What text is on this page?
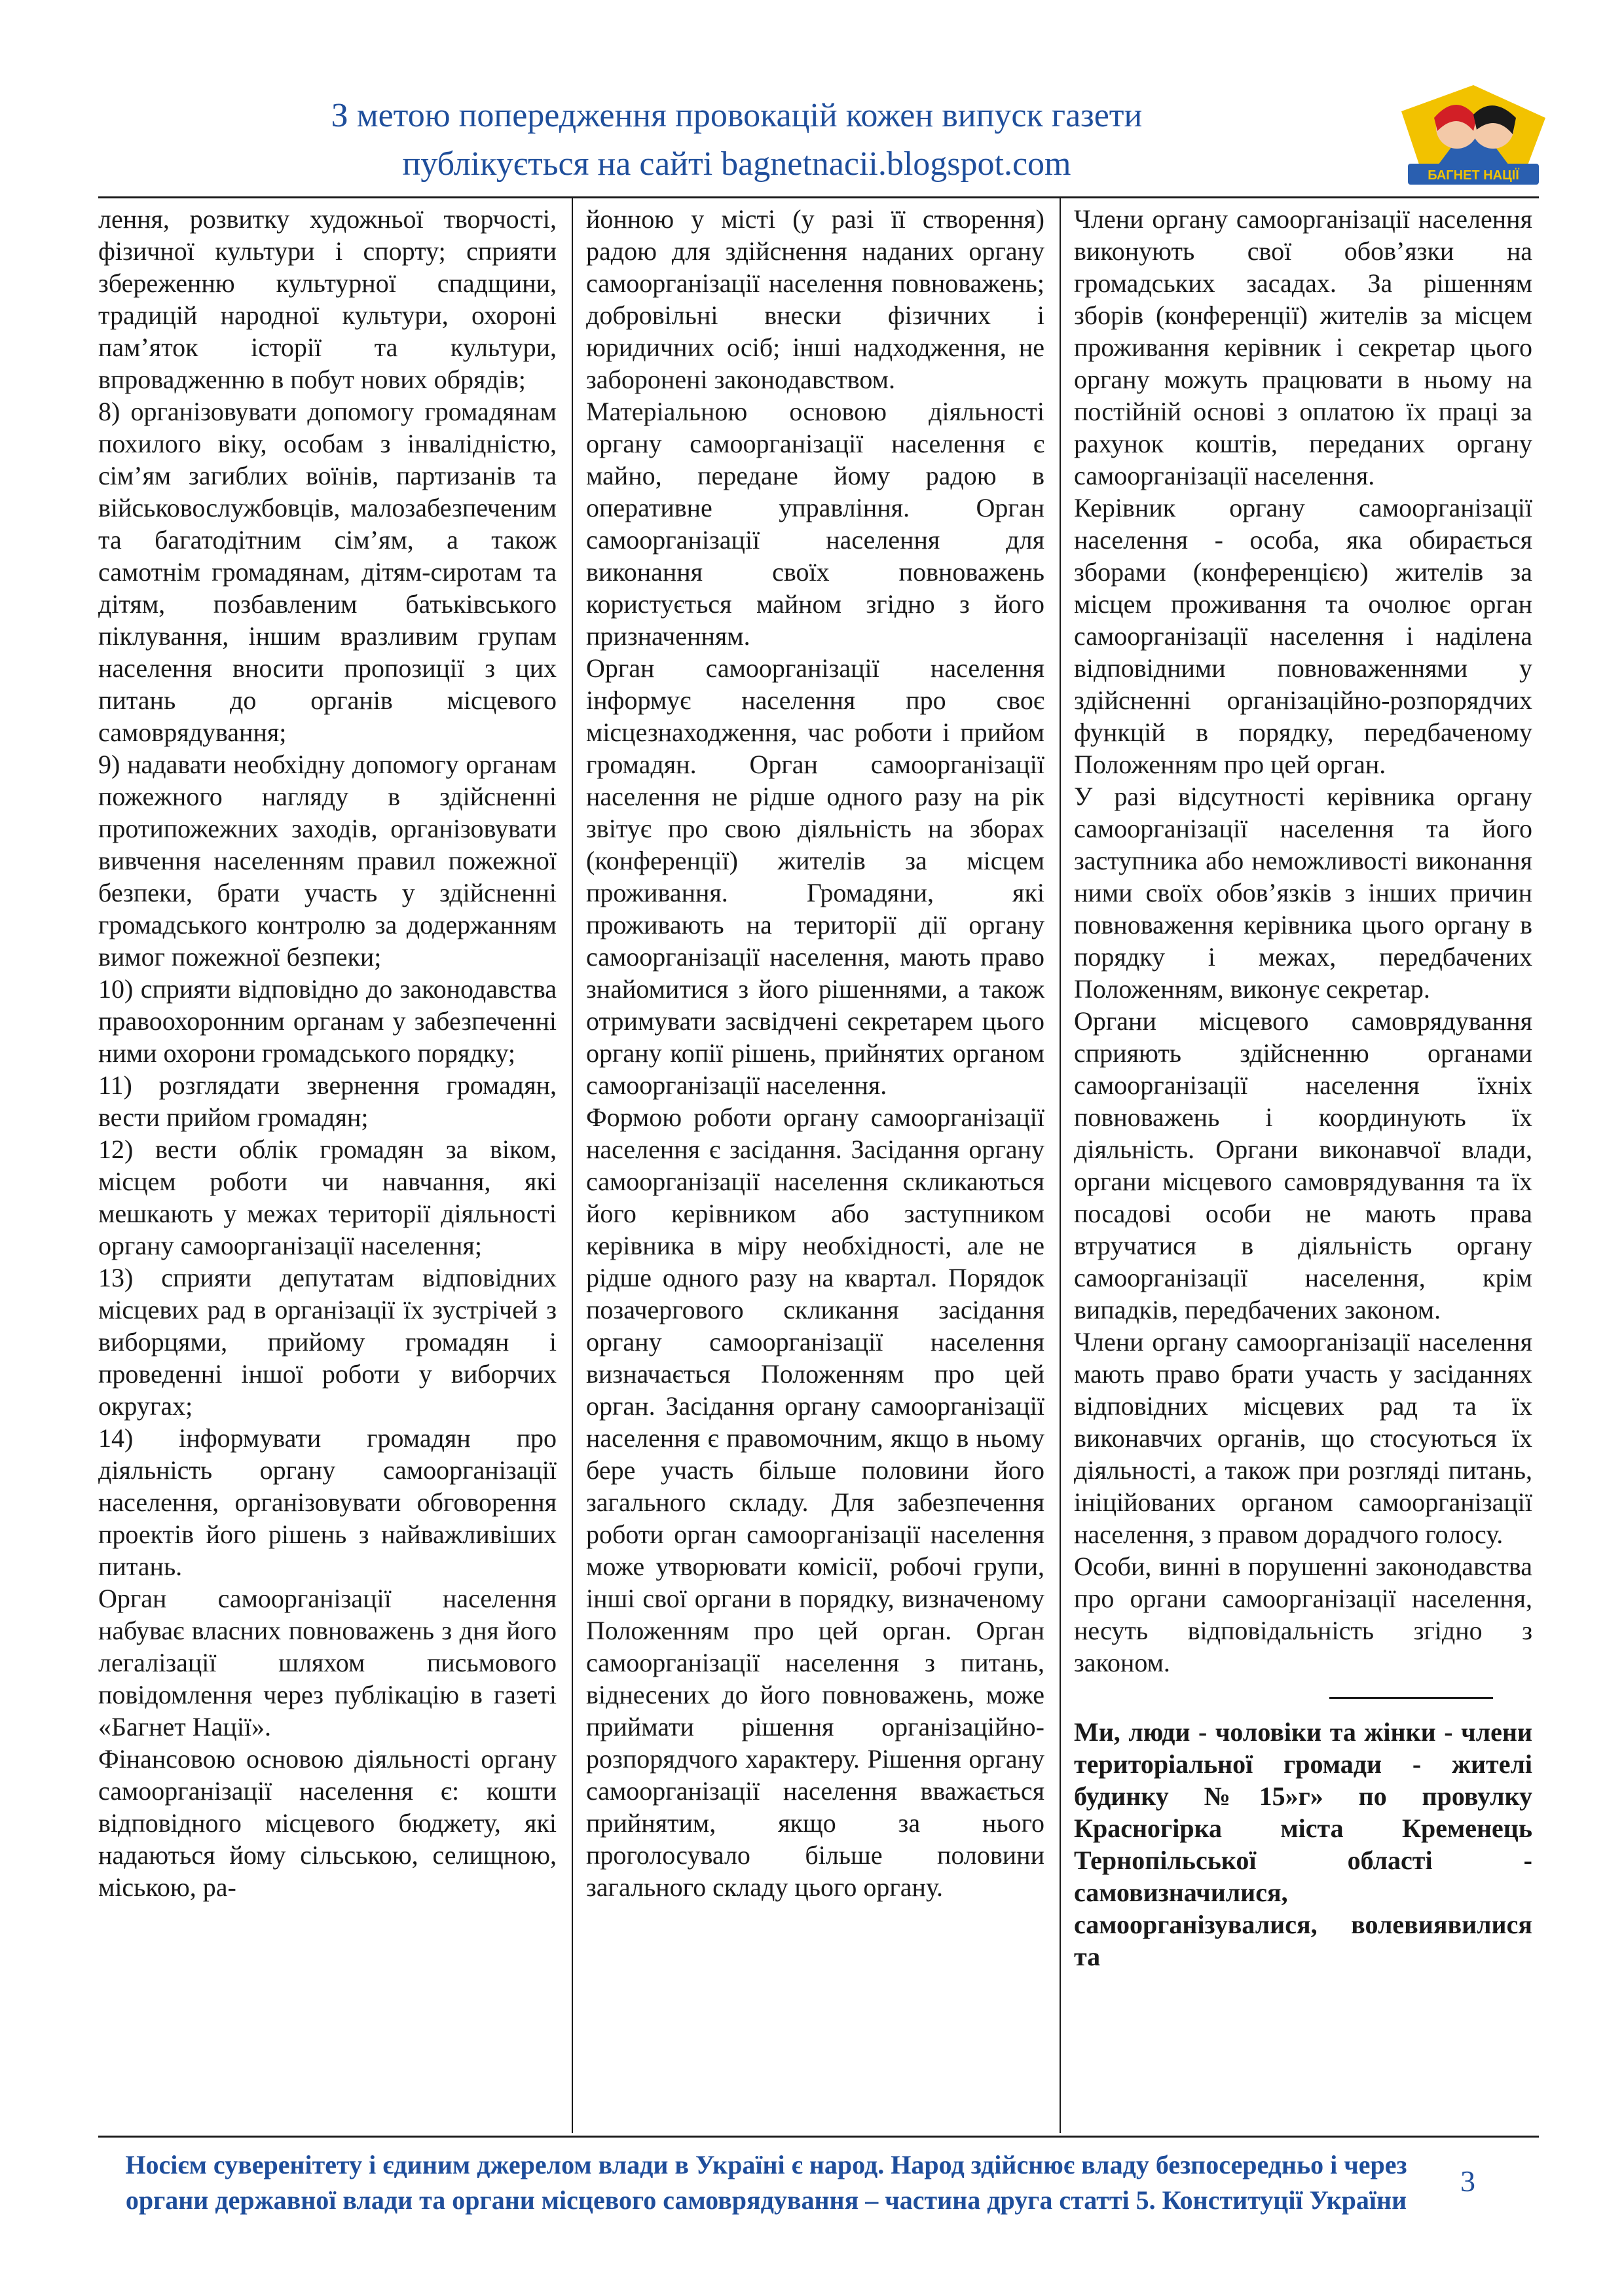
З метою попередження провокацій кожен випуск газети
публікується на сайті bagnetnacii.blogspot.com	БАГНЕТ НАЦІЇ

лення, розвитку художньої творчості, фізичної культури і спорту; сприяти збереженню культурної спадщини, традицій народної культури, охороні пам’яток історії та культури, впровадженню в побут нових обрядів;

8) організовувати допомогу громадянам похилого віку, особам з інвалідністю, сім’ям загиблих воїнів, партизанів та військовослужбовців, малозабезпеченим та багатодітним сім’ям, а також самотнім громадянам, дітям-сиротам та дітям, позбавленим батьківського піклування, іншим вразливим групам населення вносити пропозиції з цих питань до органів місцевого самоврядування;

9) надавати необхідну допомогу органам пожежного нагляду в здійсненні протипожежних заходів, організовувати вивчення населенням правил пожежної безпеки, брати участь у здійсненні громадського контролю за додержанням вимог пожежної безпеки;

10) сприяти відповідно до законодавства правоохоронним органам у забезпеченні ними охорони громадського порядку;

11) розглядати звернення громадян, вести прийом громадян;

12) вести облік громадян за віком, місцем роботи чи навчання, які мешкають у межах території діяльності органу самоорганізації населення;

13) сприяти депутатам відповідних місцевих рад в організації їх зустрічей з виборцями, прийому громадян і проведенні іншої роботи у виборчих округах;

14) інформувати громадян про діяльність органу самоорганізації населення, організовувати обговорення проектів його рішень з найважливіших питань.

Орган самоорганізації населення набуває власних повноважень з дня його легалізації шляхом письмового повідомлення через публікацію в газеті «Багнет Нації».

Фінансовою основою діяльності органу самоорганізації населення є: кошти відповідного місцевого бюджету, які надаються йому сільською, селищною, міською, ра-

йонною у місті (у разі її створення) радою для здійснення наданих органу самоорганізації населення повноважень; добровільні внески фізичних і юридичних осіб; інші надходження, не заборонені законодавством.

Матеріальною основою діяльності органу самоорганізації населення є майно, передане йому радою в оперативне управління. Орган самоорганізації населення для виконання своїх повноважень користується майном згідно з його призначенням.

Орган самоорганізації населення інформує населення про своє місцезнаходження, час роботи і прийом громадян. Орган самоорганізації населення не рідше одного разу на рік звітує про свою діяльність на зборах (конференції) жителів за місцем проживання. Громадяни, які проживають на території дії органу самоорганізації населення, мають право знайомитися з його рішеннями, а також отримувати засвідчені секретарем цього органу копії рішень, прийнятих органом самоорганізації населення.

Формою роботи органу самоорганізації населення є засідання. Засідання органу самоорганізації населення скликаються його керівником або заступником керівника в міру необхідності, але не рідше одного разу на квартал. Порядок позачергового скликання засідання органу самоорганізації населення визначається Положенням про цей орган. Засідання органу самоорганізації населення є правомочним, якщо в ньому бере участь більше половини його загального складу. Для забезпечення роботи орган самоорганізації населення може утворювати комісії, робочі групи, інші свої органи в порядку, визначеному Положенням про цей орган. Орган самоорганізації населення з питань, віднесених до його повноважень, може приймати рішення організаційно-розпорядчого характеру. Рішення органу самоорганізації населення вважається прийнятим, якщо за нього проголосувало більше половини загального складу цього органу.

Члени органу самоорганізації населення виконують свої обов’язки на громадських засадах. За рішенням зборів (конференції) жителів за місцем проживання керівник і секретар цього органу можуть працювати в ньому на постійній основі з оплатою їх праці за рахунок коштів, переданих органу самоорганізації населення.

Керівник органу самоорганізації населення - особа, яка обирається зборами (конференцією) жителів за місцем проживання та очолює орган самоорганізації населення і наділена відповідними повноваженнями у здійсненні організаційно-розпорядчих функцій в порядку, передбаченому Положенням про цей орган.

У разі відсутності керівника органу самоорганізації населення та його заступника або неможливості виконання ними своїх обов’язків з інших причин повноваження керівника цього органу в порядку і межах, передбачених Положенням, виконує секретар.

Органи місцевого самоврядування сприяють здійсненню органами самоорганізації населення їхніх повноважень і координують їх діяльність. Органи виконавчої влади, органи місцевого самоврядування та їх посадові особи не мають права втручатися в діяльність органу самоорганізації населення, крім випадків, передбачених законом.

Члени органу самоорганізації населення мають право брати участь у засіданнях відповідних місцевих рад та їх виконавчих органів, що стосуються їх діяльності, а також при розгляді питань, ініційованих органом самоорганізації населення, з правом дорадчого голосу.

Особи, винні в порушенні законодавства про органи самоорганізації населення, несуть відповідальність згідно з законом.

Ми, люди - чоловіки та жінки - члени територіальної громади - жителі будинку №15»г» по провулку Красногірка міста Кременець Тернопільської області - самовизначилися, самоорганізувалися, волевиявилися та

Носієм суверенітету і єдиним джерелом влади в Україні є народ. Народ здійснює владу безпосередньо і через
органи державної влади та органи місцевого самоврядування – частина друга статті 5. Конституції України
3
